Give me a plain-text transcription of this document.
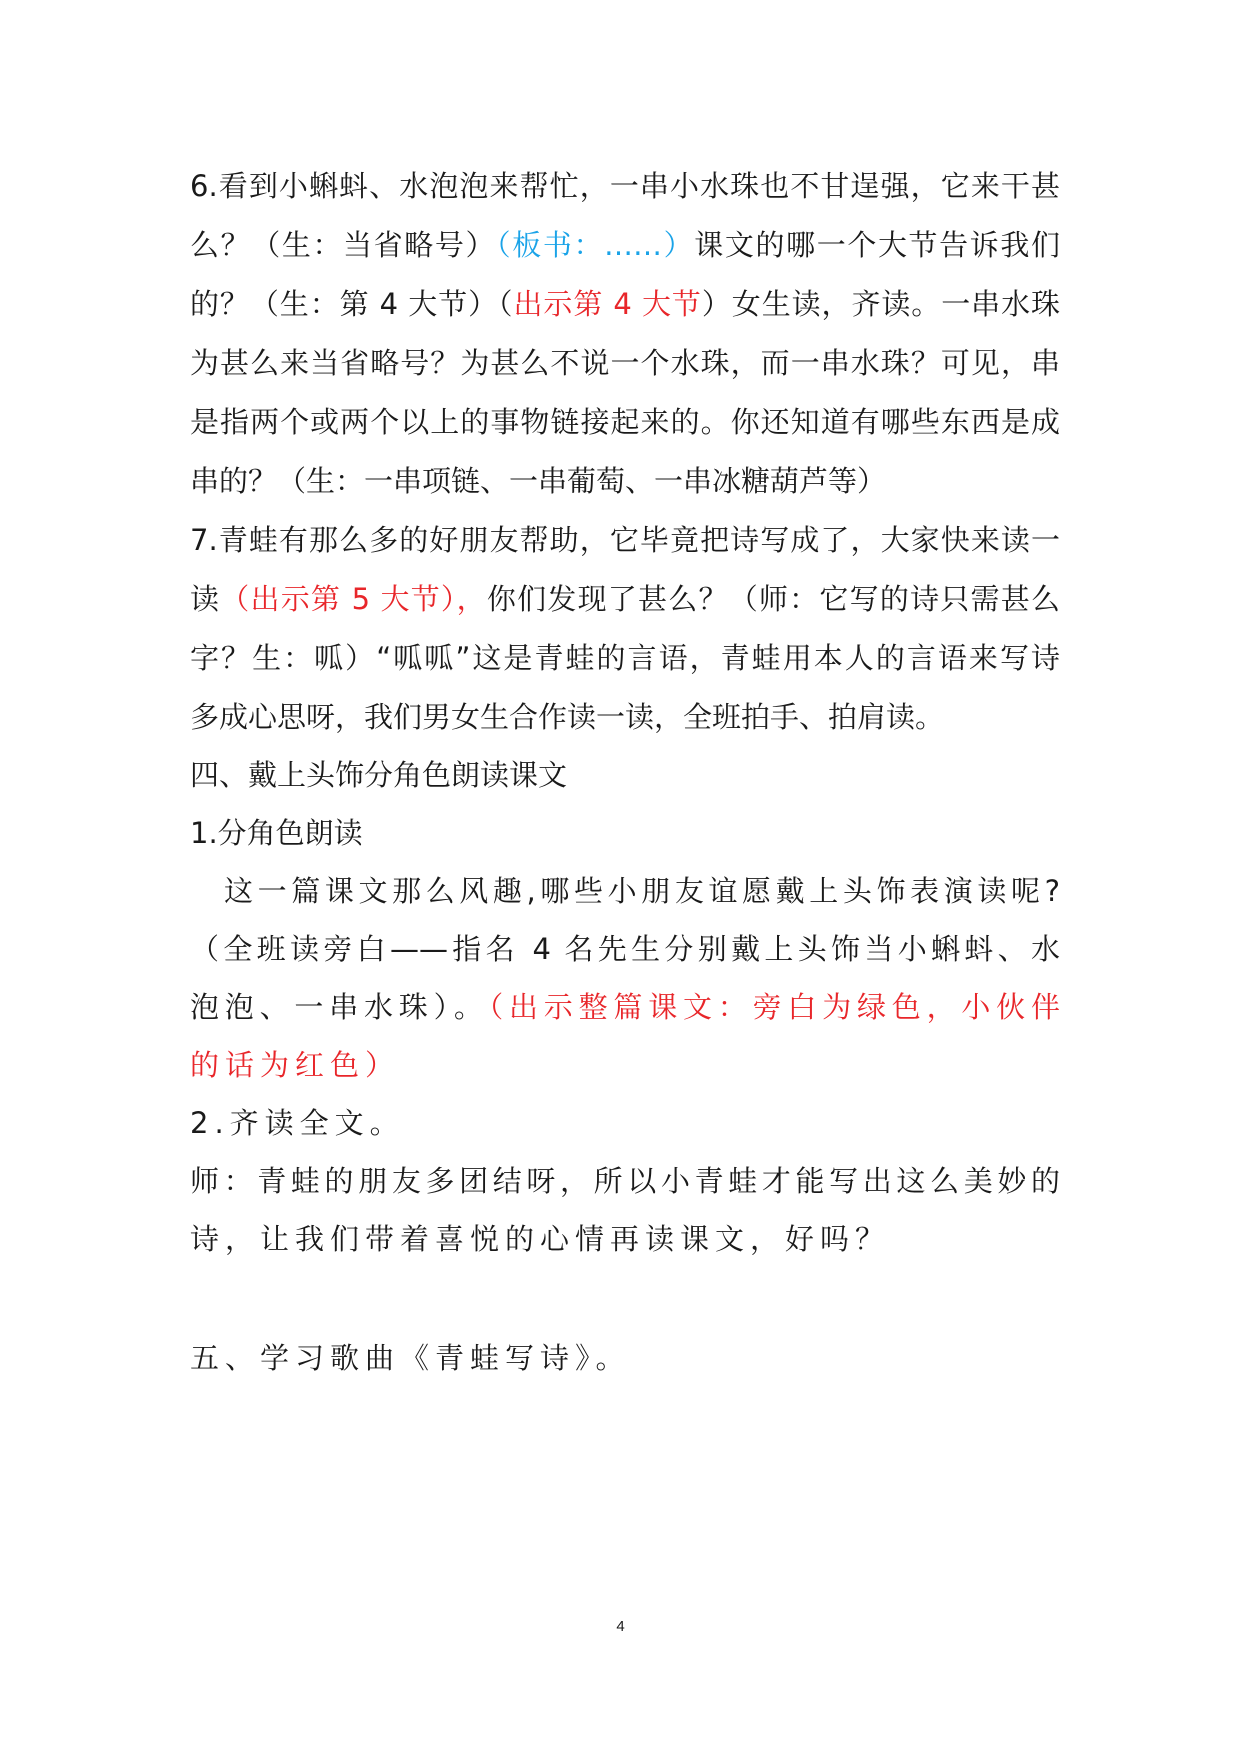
6.看到小蝌蚪、水泡泡来帮忙，一串小水珠也不甘逞强，它来干甚
么？（生：当省略号）（板书：……）课文的哪一个大节告诉我们
的？（生：第 4 大节）（出示第 4 大节）女生读，齐读。一串水珠
为甚么来当省略号？为甚么不说一个水珠，而一串水珠？可见，串
是指两个或两个以上的事物链接起来的。你还知道有哪些东西是成
串的？（生：一串项链、一串葡萄、一串冰糖葫芦等）
7.青蛙有那么多的好朋友帮助，它毕竟把诗写成了，大家快来读一
读（出示第 5 大节），你们发现了甚么？（师：它写的诗只需甚么
字？生：呱）“呱呱”这是青蛙的言语，青蛙用本人的言语来写诗
多成心思呀，我们男女生合作读一读，全班拍手、拍肩读。
四、戴上头饰分角色朗读课文
1.分角色朗读
这一篇课文那么风趣,哪些小朋友谊愿戴上头饰表演读呢?
（全班读旁白——指名 4 名先生分别戴上头饰当小蝌蚪、水
泡泡、一串水珠）。（出示整篇课文：旁白为绿色，小伙伴
的话为红色）
2.齐读全文。
师：青蛙的朋友多团结呀，所以小青蛙才能写出这么美妙的
诗，让我们带着喜悦的心情再读课文，好吗？
五、学习歌曲《青蛙写诗》。
4
